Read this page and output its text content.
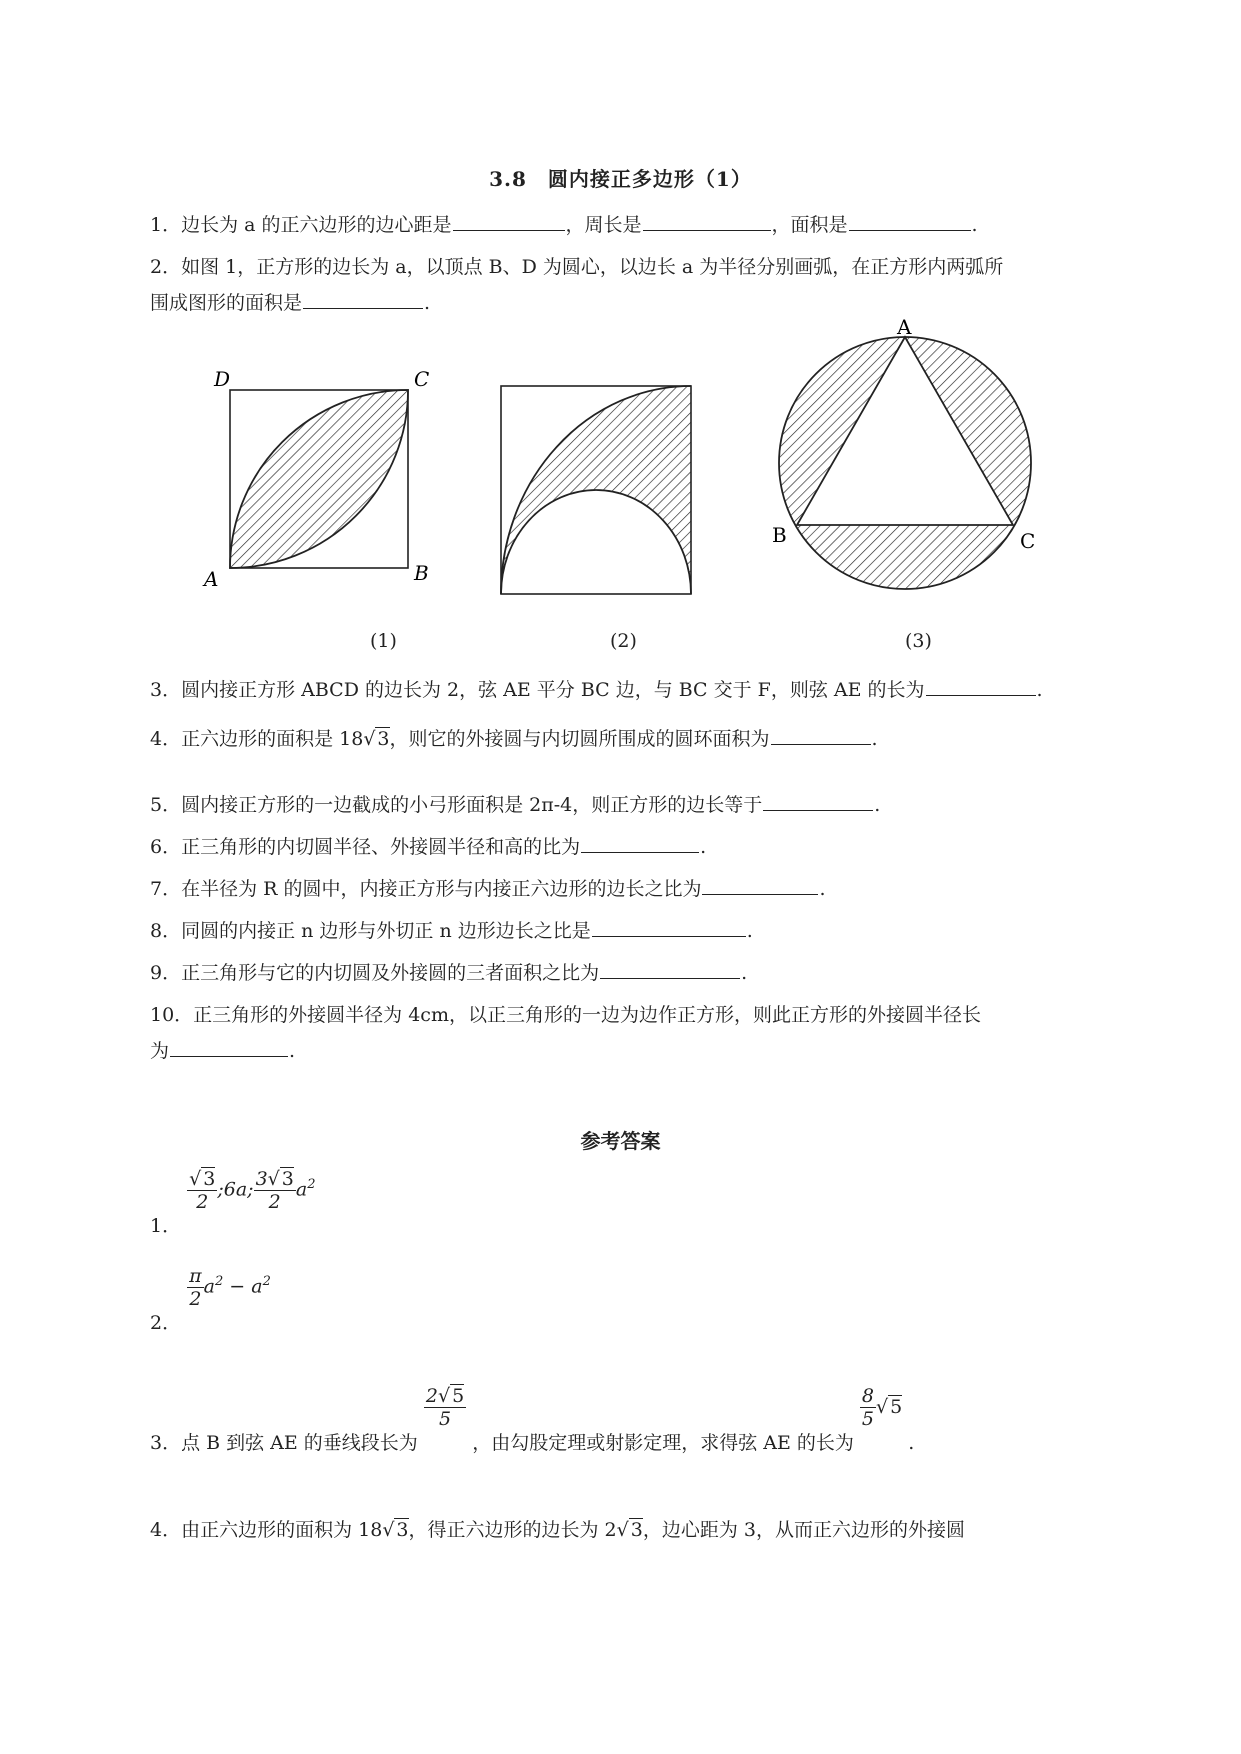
3.8　圆内接正多边形（1）
1．边长为 a 的正六边形的边心距是	，周长是	，面积是	.
2．如图 1，正方形的边长为 a，以顶点 B、D 为圆心，以边长 a 为半径分别画弧，在正方形内两弧所
围成图形的面积是	.
D	C
A	B
A
B	C
(1)	(2)	(3)
3．圆内接正方形 ABCD 的边长为 2，弦 AE 平分 BC 边，与 BC 交于 F，则弦 AE 的长为	.
4．正六边形的面积是 18√ 3，则它的外接圆与内切圆所围成的圆环面积为	.
5．圆内接正方形的一边截成的小弓形面积是 2π-4，则正方形的边长等于	.
6．正三角形的内切圆半径、外接圆半径和高的比为	.
7．在半径为 R 的圆中，内接正方形与内接正六边形的边长之比为	.
8．同圆的内接正 n 边形与外切正 n 边形边长之比是	.
9．正三角形与它的内切圆及外接圆的三者面积之比为	.
10．正三角形的外接圆半径为 4cm，以正三角形的一边为边作正方形，则此正方形的外接圆半径长
为	.
参考答案
1．
$\frac{√ 3}{2}$ ;6a; $\frac{3√ 3}{2} a^2$
2．
$\frac{\pi}{2} a^2 - a^2$
3．点 B 到弦 AE 的垂线段长为
$\frac{2√ 5}{5}$
，由勾股定理或射影定理，求得弦 AE 的长为
$\frac{8}{5}$ √ 5 .
4．由正六边形的面积为 18√ 3，得正六边形的边长为 2√ 3，边心距为 3，从而正六边形的外接圆
